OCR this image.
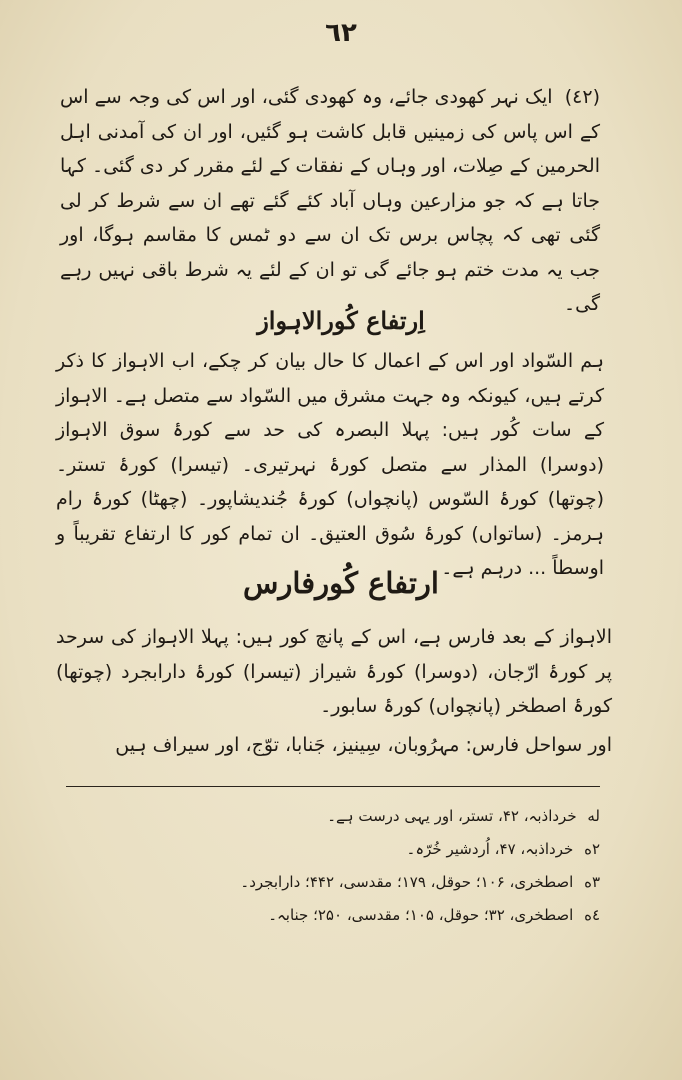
٦٢
(٤٢) ایک نہر کھودی جائے، وہ کھودی گئی، اور اس کی وجہ سے اس کے اس پاس کی زمینیں قابل کاشت ہو گئیں، اور ان کی آمدنی اہل الحرمین کے صِلات، اور وہاں کے نفقات کے لئے مقرر کر دی گئی۔ کہا جاتا ہے کہ جو مزارعین وہاں آباد کئے گئے تھے ان سے شرط کر لی گئی تھی کہ پچاس برس تک ان سے دو ٹمس کا مقاسم ہوگا، اور جب یہ مدت ختم ہو جائے گی تو ان کے لئے یہ شرط باقی نہیں رہے گی۔
اِرتفاع کُورالاہواز
ہم السّواد اور اس کے اعمال کا حال بیان کر چکے، اب الاہواز کا ذکر کرتے ہیں، کیونکہ وہ جہت مشرق میں السّواد سے متصل ہے۔ الاہواز کے سات کُور ہیں: پہلا البصرہ کی حد سے کورۂ سوق الاہواز (دوسرا) المذار سے متصل کورۂ نہرتیری۔ (تیسرا) کورۂ تستر۔ (چوتھا) کورۂ السّوس (پانچواں) کورۂ جُندیشاپور۔ (چھٹا) کورۂ رام ہرمز۔ (ساتواں) کورۂ سُوق العتیق۔ ان تمام کور کا ارتفاع تقریباً و اوسطاً ... درہم ہے۔
ارتفاع کُورفارس
الاہواز کے بعد فارس ہے، اس کے پانچ کور ہیں: پہلا الاہواز کی سرحد پر کورۂ ارّجان، (دوسرا) کورۂ شیراز (تیسرا) کورۂ دارابجرد (چوتھا) کورۂ اصطخر (پانچواں) کورۂ سابور۔
اور سواحل فارس: مہرُوبان، سِینیز، جَنابا، توّج، اور سیراف ہیں
له خرداذبہ، ۴۲، تستر، اور یہی درست ہے۔
٢ه خرداذبہ، ۴۷، اُردشیر خُرّہ۔
٣ه اصطخری، ۱۰۶؛ حوقل، ۱۷۹؛ مقدسی، ۴۴۲؛ دارابجرد۔
٤ه اصطخری، ۳۲؛ حوقل، ۱۰۵؛ مقدسی، ۲۵۰؛ جنابہ۔
